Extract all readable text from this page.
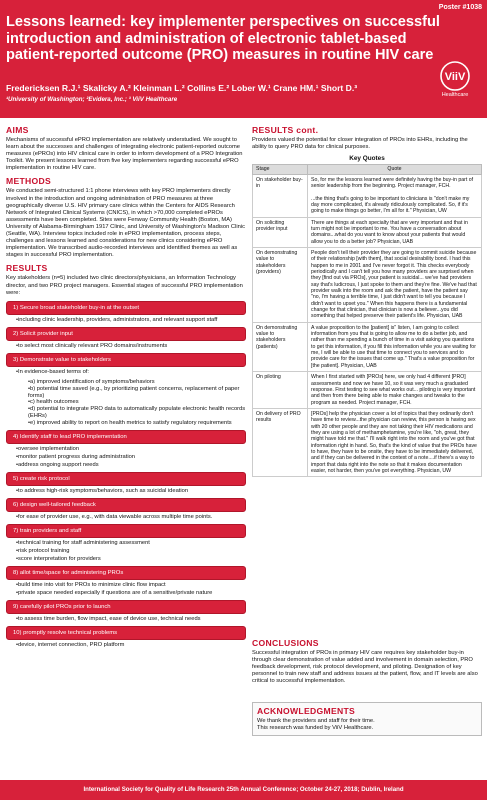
Poster #1038
Lessons learned: key implementer perspectives on successful introduction and administration of electronic tablet-based patient-reported outcome (PRO) measures in routine HIV care
Fredericksen R.J.¹ Skalicky A.² Kleinman L.² Collins E.² Lober W.¹ Crane HM.¹ Short D.³
¹University of Washington; ²Evidera, Inc.; ³ ViiV Healthcare
ViiV
Healthcare
AIMS
Mechanisms of successful ePRO implementation are relatively understudied. We sought to learn about the successes and challenges of integrating electronic patient-reported outcome measures (ePROs) into HIV clinical care in order to inform development of a PRO Integration Toolkit. We present lessons learned from five key implementers regarding successful ePRO implementation in routine HIV care.
METHODS
We conducted semi-structured 1:1 phone interviews with key PRO implementers directly involved in the introduction and ongoing administration of PRO measures at three geographically diverse U.S. HIV primary care clinics within the Centers for AIDS Research Network of Integrated Clinical Systems (CNICS), in which >70,000 completed ePROs assessments have been completed. Sites were Fenway Community Health (Boston, MA) University of Alabama-Birmingham 1917 Clinic, and University of Washington's Madison Clinic (Seattle, WA). Interview topics included role in ePRO implementation, process steps, challenges and lessons learned and considerations for new clinics considering ePRO implementation. We transcribed audio-recorded interviews and identified themes as well as stages in successful PRO implementation.
RESULTS
Key stakeholders (n=5) included two clinic directors/physicians, an Information Technology director, and two PRO project managers. Essential stages of successful PRO implementation were:
1) Secure broad stakeholder buy-in at the outset
•including clinic leadership, providers, administrators, and relevant support staff
2) Solicit provider input
•to select most clinically relevant PRO domains/instruments
3) Demonstrate value to stakeholders
•In evidence-based terms of:
•a) improved identification of symptoms/behaviors
•b) potential time saved (e.g., by prioritizing patient concerns, replacement of paper forms)
•c) health outcomes
•d) potential to integrate PRO data to automatically populate electronic health records (EHRs)
•e) improved ability to report on health metrics to satisfy regulatory requirements
4) Identify staff to lead PRO implementation
•oversee implementation
•monitor patient progress during administration
•address ongoing support needs
5) create risk protocol
•to address high-risk symptoms/behaviors, such as suicidal ideation
6) design well-tailored feedback
•for ease of provider use, e.g., with data viewable across multiple time points.
7) train providers and staff
•technical training for staff administering assessment
•risk protocol training
•score interpretation for providers
8) allot time/space for administering PROs
•build time into visit for PROs to minimize clinic flow impact
•private space needed especially if questions are of a sensitive/private nature
9) carefully pilot PROs prior to launch
•to assess time burden, flow impact, ease of device use, technical needs
10) promptly resolve technical problems
•device, internet connection, PRO platform
RESULTS cont.
Providers valued the potential for closer integration of PROs into EHRs, including the ability to query PRO data for clinical purposes.
Key Quotes
Stage	Quote
On stakeholder buy-in	So, for me the lessons learned were definitely having the buy-in part of senior leadership from the beginning. Project manager, FCH.

...the thing that's going to be important to clinicians is "don't make my day more complicated, it's already ridiculously complicated. So, if it's going to make things go better, I'm all for it." Physician, UW
On soliciting provider input	There are things at each specialty that are very important and that in turn might not be important to me. You have a conversation about domains...what do you want to know about your patients that would allow you to do a better job? Physician, UAB
On demonstrating value to stakeholders (providers)	People don't tell their provider they are going to commit suicide because of their relationship [with them], that social desirability bond. I had this happen to me in 2001 and I've never forgot it. This checks everybody periodically and I can't tell you how many providers are surprised when they [find out via PROs], your patient is suicidal... we've had providers say that's ludicrous, I just spoke to them and they're fine. We've had that provider walk into the room and ask the patient, have the patient say "no, I'm having a terrible time, I just didn't want to tell you because I didn't want to upset you." When this happens there is a fundamental change for that clinician, that clinician is now a believer...you did something that helped preserve their patient's life. Physician, UAB
On demonstrating value to stakeholders (patients)	A value proposition to the [patient] is" listen, I am going to collect information from you that is going to allow me to do a better job, and rather than me spending a bunch of time in a visit asking you questions to get this information, if you fill this information while you are waiting for me, I will be able to use that time to connect you to services and to provide care for the issues that come up." That's a value proposition for [the patient]. Physician, UAB
On piloting	When I first started with [PROs] here, we only had 4 different [PRO] assessments and now we have 10, so it was very much a graduated response. First testing to see what works out... piloting is very important and then from there being able to make changes and tweaks to the program as needed. Project manager, FCH.
On delivery of PRO results	[PROs] help the physician cover a lot of topics that they ordinarily don't have time to review...the physician can review, this person is having sex with 20 other people and they are not taking their HIV medications and they are using a lot of methamphetamine, you're like, "oh, great, they might have told me that." I'll walk right into the room and you've got that information right in hand. So, that's the kind of value that the PROs have to have, they have to be onsite, they have to be immediately delivered, and if they can be delivered in the context of a note....if there's a way to import that data right into the note so that it makes documentation easier, not harder, then you've got everything. Physician, UW
CONCLUSIONS
Successful integration of PROs in primary HIV care requires key stakeholder buy-in through clear demonstration of value added and involvement in domain selection, PRO feedback development, risk protocol development, and piloting. Designation of key personnel to train new staff and address issues at the patient, flow, and IT levels are also critical to successful implementation.
ACKNOWLEDGMENTS
We thank the providers and staff for their time.
This research was funded by ViiV Healthcare.
International Society for Quality of Life Research 25th Annual Conference; October 24-27, 2018; Dublin, Ireland
